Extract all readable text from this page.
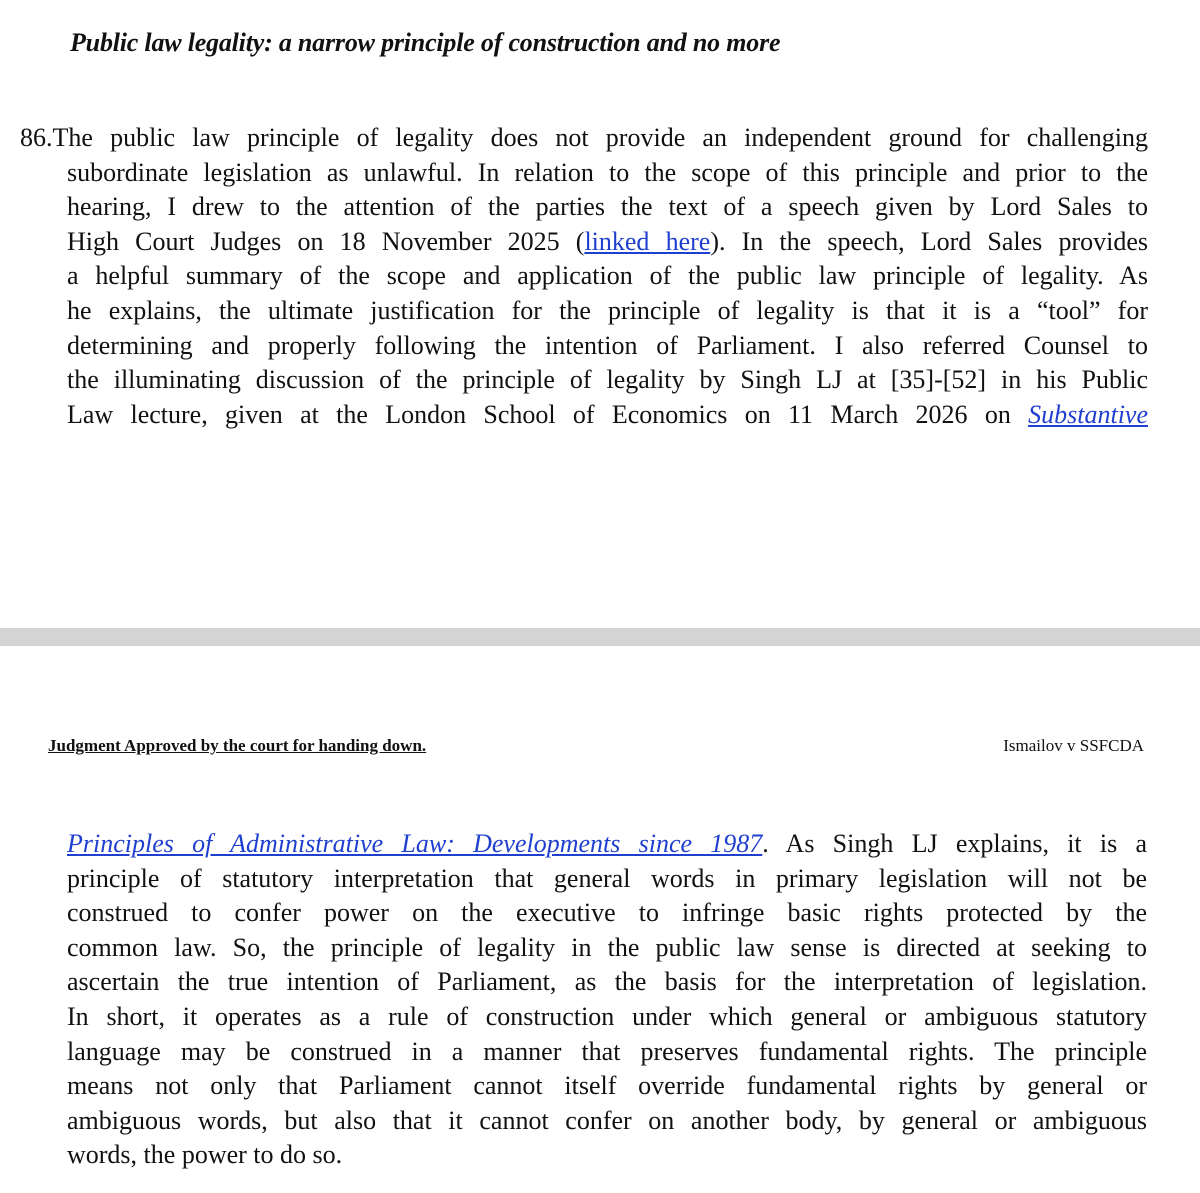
Public law legality: a narrow principle of construction and no more
86.The public law principle of legality does not provide an independent ground for challenging
subordinate legislation as unlawful. In relation to the scope of this principle and prior to the
hearing, I drew to the attention of the parties the text of a speech given by Lord Sales to
High Court Judges on 18 November 2025 (linked here). In the speech, Lord Sales provides
a helpful summary of the scope and application of the public law principle of legality. As
he explains, the ultimate justification for the principle of legality is that it is a “tool” for
determining and properly following the intention of Parliament. I also referred Counsel to
the illuminating discussion of the principle of legality by Singh LJ at [35]-[52] in his Public
Law lecture, given at the London School of Economics on 11 March 2026 on Substantive
Judgment Approved by the court for handing down.	Ismailov v SSFCDA
Principles of Administrative Law: Developments since 1987. As Singh LJ explains, it is a
principle of statutory interpretation that general words in primary legislation will not be
construed to confer power on the executive to infringe basic rights protected by the
common law. So, the principle of legality in the public law sense is directed at seeking to
ascertain the true intention of Parliament, as the basis for the interpretation of legislation.
In short, it operates as a rule of construction under which general or ambiguous statutory
language may be construed in a manner that preserves fundamental rights. The principle
means not only that Parliament cannot itself override fundamental rights by general or
ambiguous words, but also that it cannot confer on another body, by general or ambiguous
words, the power to do so.
